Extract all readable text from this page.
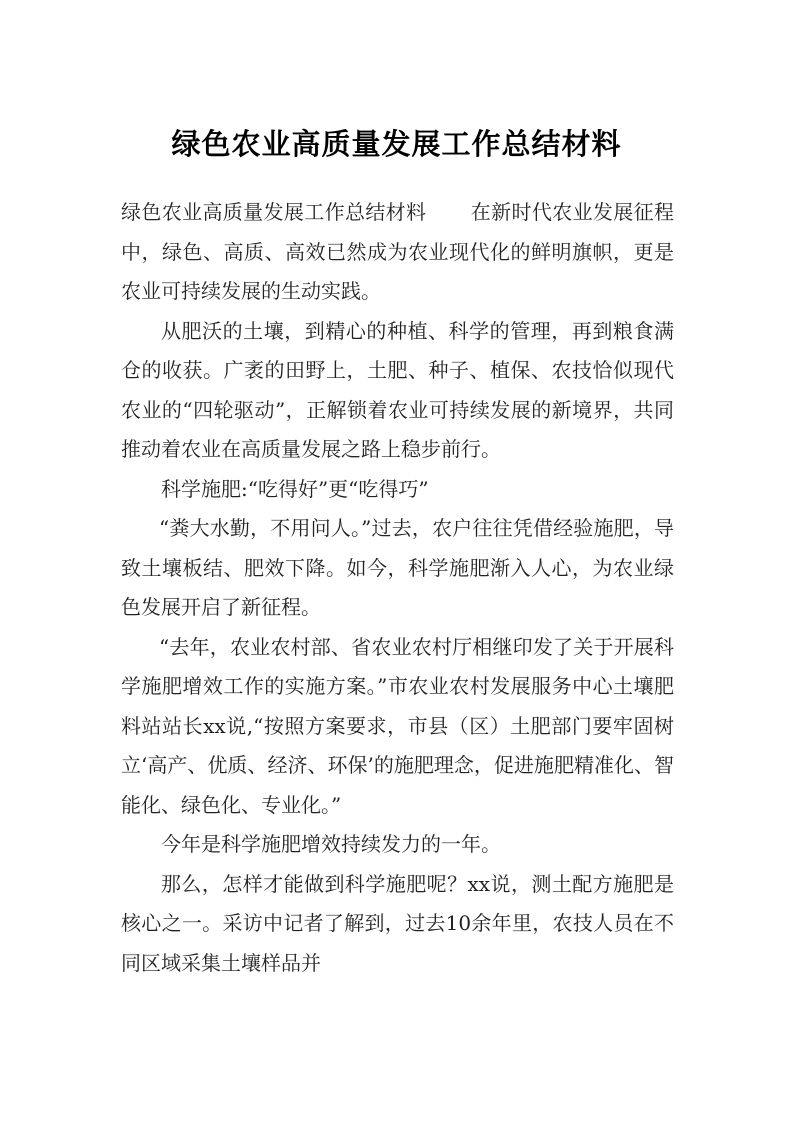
绿色农业高质量发展工作总结材料

绿色农业高质量发展工作总结材料 在新时代农业发展征程中，绿色、高质、高效已然成为农业现代化的鲜明旗帜，更是农业可持续发展的生动实践。

从肥沃的土壤，到精心的种植、科学的管理，再到粮食满仓的收获。广袤的田野上，土肥、种子、植保、农技恰似现代农业的“四轮驱动”，正解锁着农业可持续发展的新境界，共同推动着农业在高质量发展之路上稳步前行。

科学施肥:“吃得好”更“吃得巧”

“粪大水勤，不用问人。”过去，农户往往凭借经验施肥，导致土壤板结、肥效下降。如今，科学施肥渐入人心，为农业绿色发展开启了新征程。

“去年，农业农村部、省农业农村厅相继印发了关于开展科学施肥增效工作的实施方案。”市农业农村发展服务中心土壤肥料站站长xx说,“按照方案要求，市县（区）土肥部门要牢固树立‘高产、优质、经济、环保’的施肥理念，促进施肥精准化、智能化、绿色化、专业化。”

今年是科学施肥增效持续发力的一年。

那么，怎样才能做到科学施肥呢？xx说，测土配方施肥是核心之一。采访中记者了解到，过去10余年里，农技人员在不同区域采集土壤样品并
